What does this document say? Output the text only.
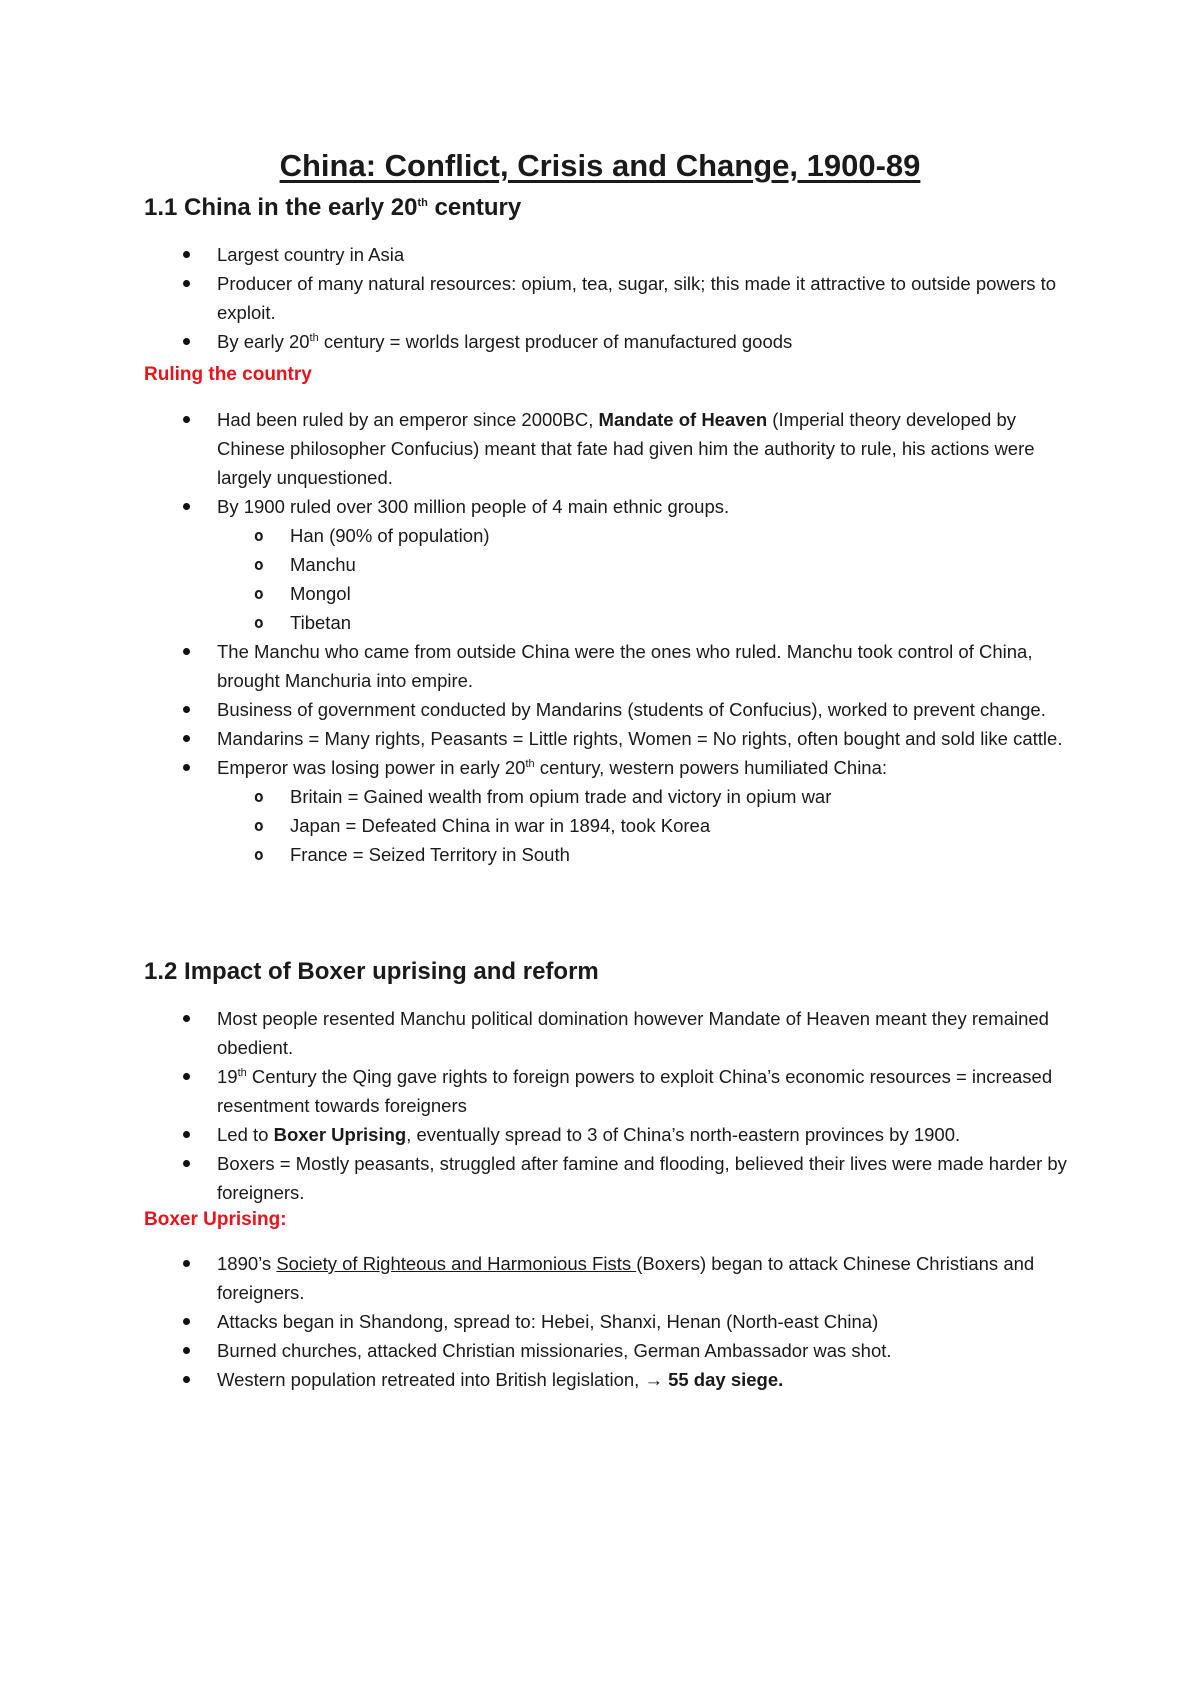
China: Conflict, Crisis and Change, 1900-89
1.1 China in the early 20th century
Largest country in Asia
Producer of many natural resources: opium, tea, sugar, silk; this made it attractive to outside powers to exploit.
By early 20th century = worlds largest producer of manufactured goods
Ruling the country
Had been ruled by an emperor since 2000BC, Mandate of Heaven (Imperial theory developed by Chinese philosopher Confucius) meant that fate had given him the authority to rule, his actions were largely unquestioned.
By 1900 ruled over 300 million people of 4 main ethnic groups.
o Han (90% of population)
o Manchu
o Mongol
o Tibetan
The Manchu who came from outside China were the ones who ruled. Manchu took control of China, brought Manchuria into empire.
Business of government conducted by Mandarins (students of Confucius), worked to prevent change.
Mandarins = Many rights, Peasants = Little rights, Women = No rights, often bought and sold like cattle.
Emperor was losing power in early 20th century, western powers humiliated China:
o Britain = Gained wealth from opium trade and victory in opium war
o Japan = Defeated China in war in 1894, took Korea
o France = Seized Territory in South
1.2 Impact of Boxer uprising and reform
Most people resented Manchu political domination however Mandate of Heaven meant they remained obedient.
19th Century the Qing gave rights to foreign powers to exploit China’s economic resources = increased resentment towards foreigners
Led to Boxer Uprising, eventually spread to 3 of China’s north-eastern provinces by 1900.
Boxers = Mostly peasants, struggled after famine and flooding, believed their lives were made harder by foreigners.
Boxer Uprising:
1890’s Society of Righteous and Harmonious Fists (Boxers) began to attack Chinese Christians and foreigners.
Attacks began in Shandong, spread to: Hebei, Shanxi, Henan (North-east China)
Burned churches, attacked Christian missionaries, German Ambassador was shot.
Western population retreated into British legislation, → 55 day siege.
